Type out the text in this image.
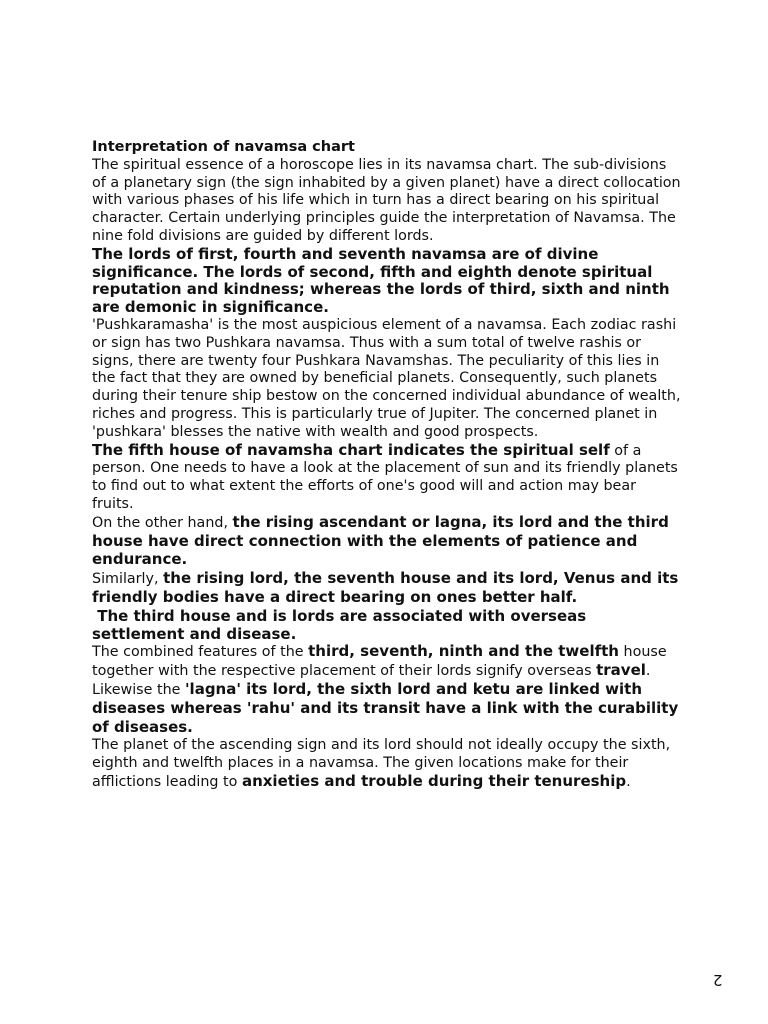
Interpretation of navamsa chart

The spiritual essence of a horoscope lies in its navamsa chart. The sub-divisions of a planetary sign (the sign inhabited by a given planet) have a direct collocation with various phases of his life which in turn has a direct bearing on his spiritual character. Certain underlying principles guide the interpretation of Navamsa. The nine fold divisions are guided by different lords.

The lords of first, fourth and seventh navamsa are of divine significance. The lords of second, fifth and eighth denote spiritual reputation and kindness; whereas the lords of third, sixth and ninth are demonic in significance.

'Pushkaramasha' is the most auspicious element of a navamsa. Each zodiac rashi or sign has two Pushkara navamsa. Thus with a sum total of twelve rashis or signs, there are twenty four Pushkara Navamshas. The peculiarity of this lies in the fact that they are owned by beneficial planets. Consequently, such planets during their tenure ship bestow on the concerned individual abundance of wealth, riches and progress. This is particularly true of Jupiter. The concerned planet in 'pushkara' blesses the native with wealth and good prospects.

The fifth house of navamsha chart indicates the spiritual self of a person. One needs to have a look at the placement of sun and its friendly planets to find out to what extent the efforts of one's good will and action may bear fruits.

On the other hand, the rising ascendant or lagna, its lord and the third house have direct connection with the elements of patience and endurance.

Similarly, the rising lord, the seventh house and its lord, Venus and its friendly bodies have a direct bearing on ones better half.

The third house and is lords are associated with overseas settlement and disease.

The combined features of the third, seventh, ninth and the twelfth house together with the respective placement of their lords signify overseas travel.

Likewise the 'lagna' its lord, the sixth lord and ketu are linked with diseases whereas 'rahu' and its transit have a link with the curability of diseases.

The planet of the ascending sign and its lord should not ideally occupy the sixth, eighth and twelfth places in a navamsa. The given locations make for their afflictions leading to anxieties and trouble during their tenureship.

2
